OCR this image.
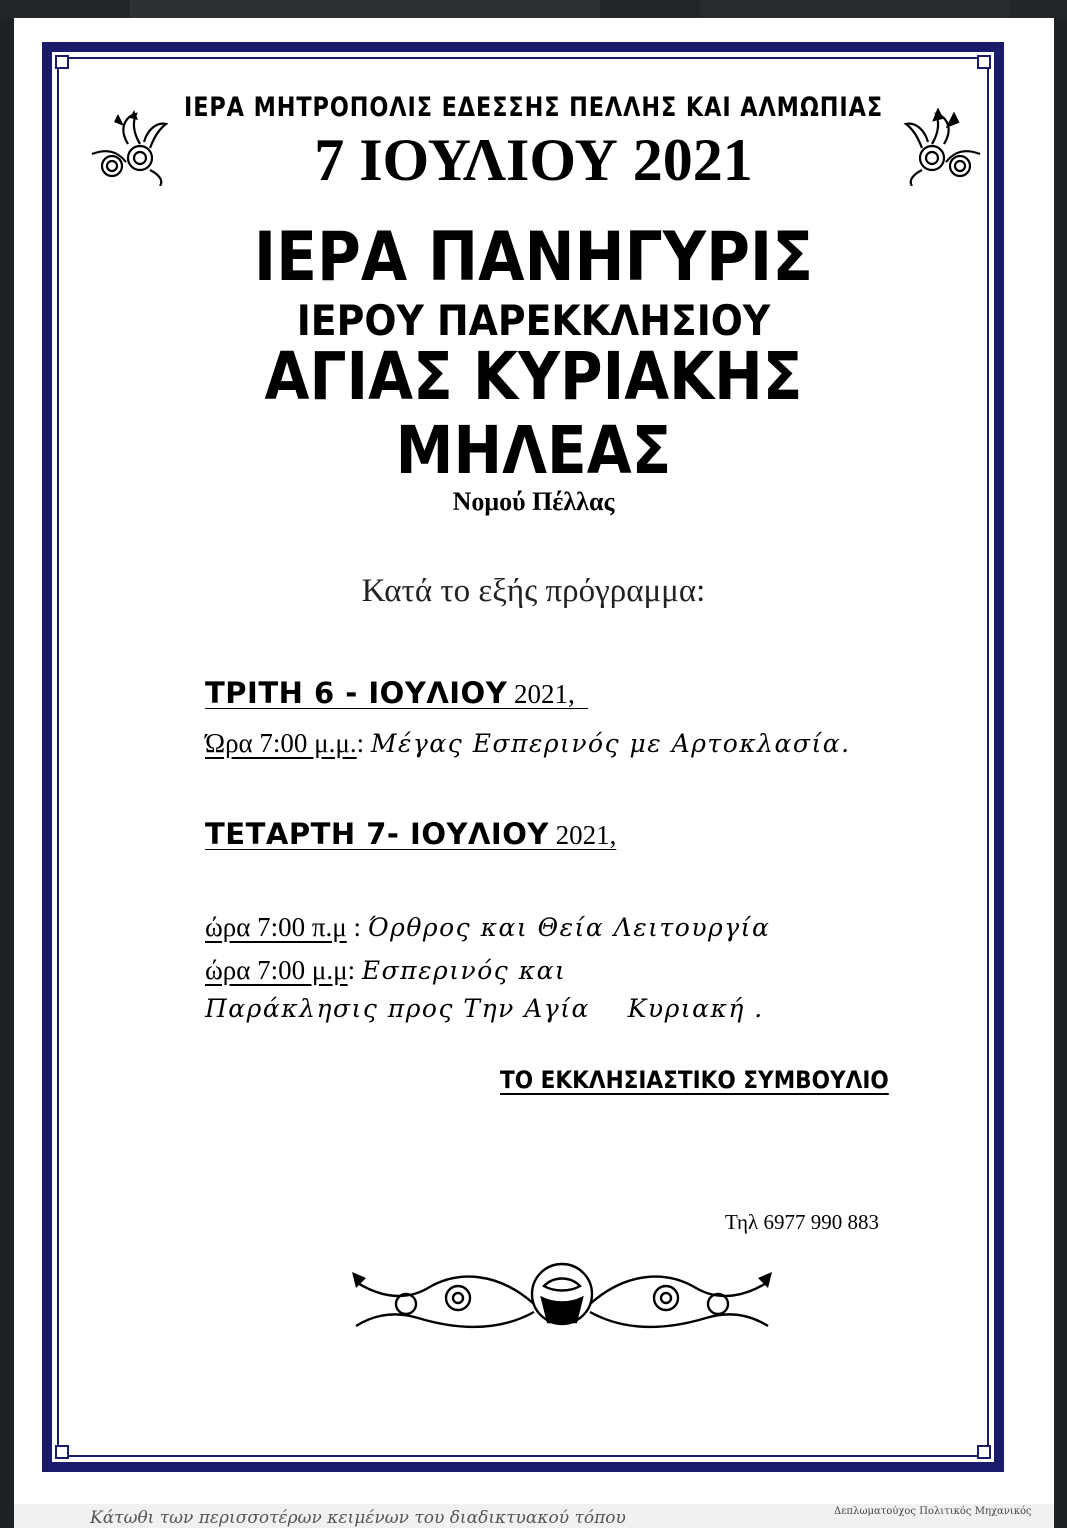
ΙΕΡΑ ΜΗΤΡΟΠΟΛΙΣ ΕΔΕΣΣΗΣ ΠΕΛΛΗΣ ΚΑΙ ΑΛΜΩΠΙΑΣ
7 ΙΟΥΛΙΟΥ 2021
ΙΕΡΑ ΠΑΝΗΓΥΡΙΣ
ΙΕΡΟΥ ΠΑΡΕΚΚΛΗΣΙΟΥ
ΑΓΙΑΣ ΚΥΡΙΑΚΗΣ
ΜΗΛΕΑΣ
Νομού Πέλλας
Κατά το εξής πρόγραμμα:
ΤΡΙΤΗ 6 - ΙΟΥΛΙΟΥ 2021,
Ώρα 7:00 μ.μ.: Μέγας Εσπερινός με Αρτοκλασία.
ΤΕΤΑΡΤΗ 7- ΙΟΥΛΙΟΥ 2021,
ώρα 7:00 π.μ : Όρθρος και Θεία Λειτουργία
ώρα 7:00 μ.μ: Εσπερινός και
Παράκλησις προς Την Αγία    Κυριακή .
ΤΟ ΕΚΚΛΗΣΙΑΣΤΙΚΟ ΣΥΜΒΟΥΛΙΟ
Τηλ 6977 990 883
Κάτωθι των περισσοτέρων κειμένων του διαδικτυακού τόπου	Δεπλωματούχος Πολιτικός Μηχανικός
